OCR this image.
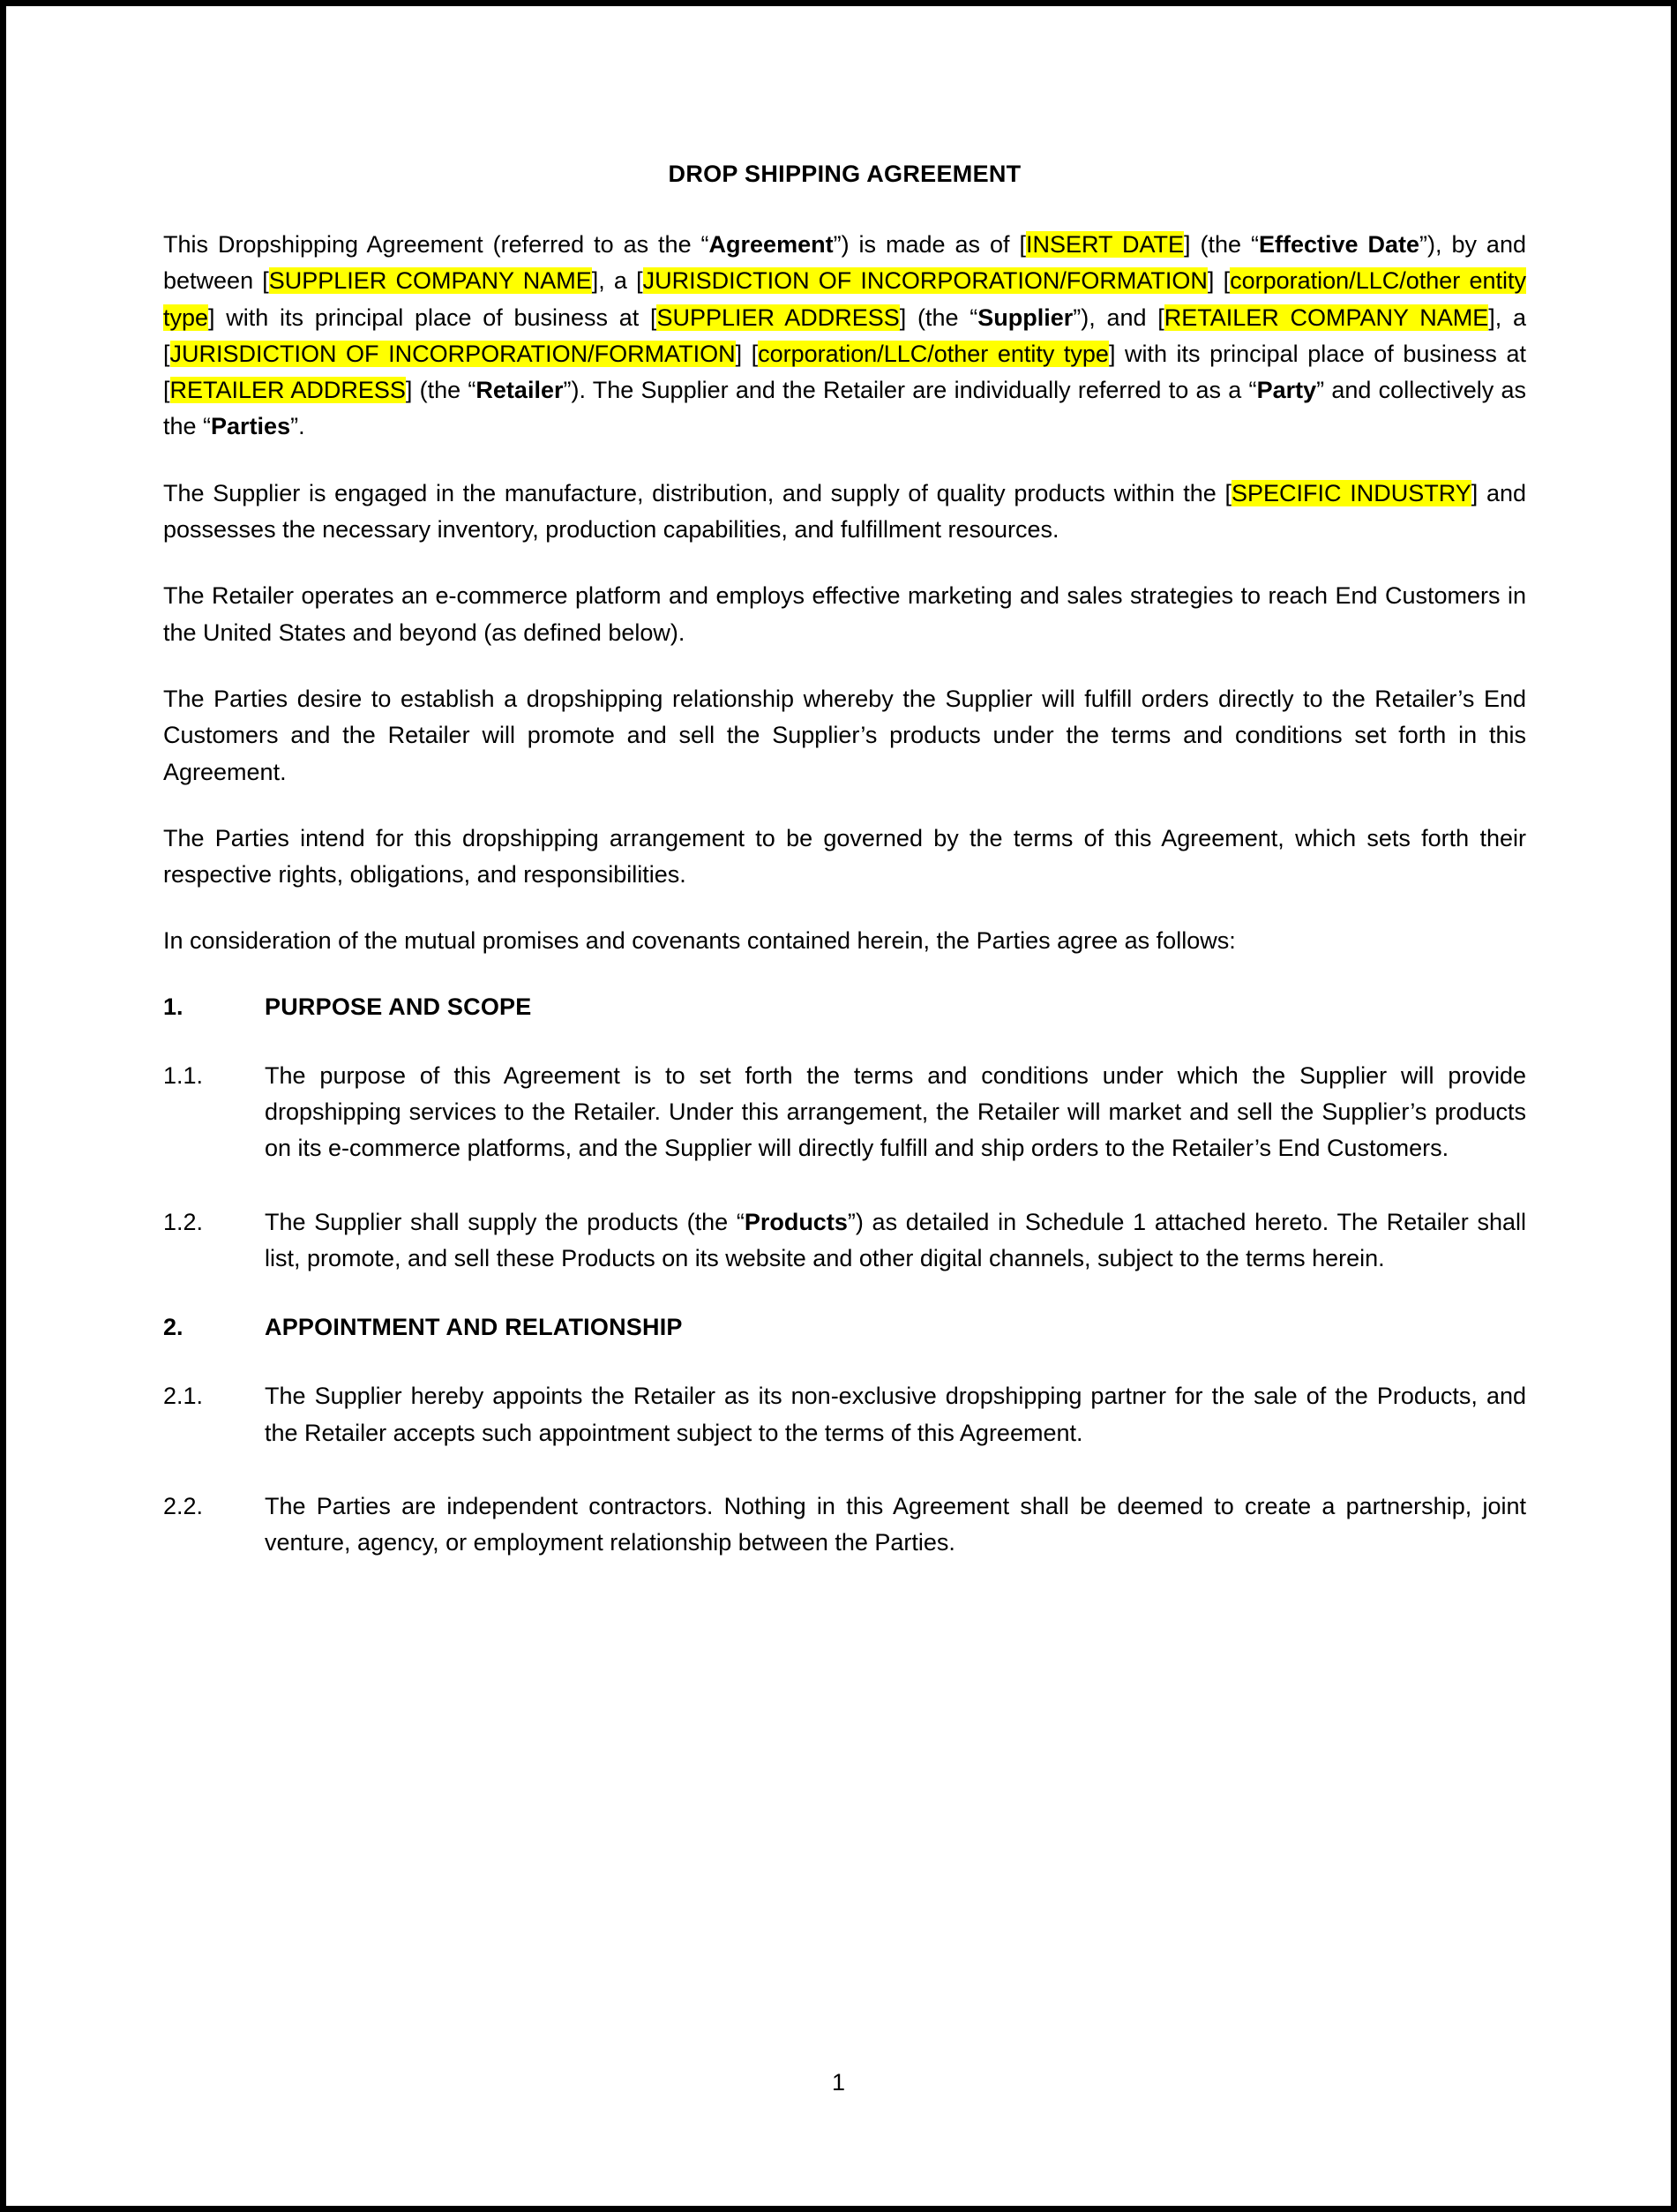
DROP SHIPPING AGREEMENT

This Dropshipping Agreement (referred to as the “Agreement”) is made as of [INSERT DATE] (the “Effective Date”), by and between [SUPPLIER COMPANY NAME], a [JURISDICTION OF INCORPORATION/FORMATION] [corporation/LLC/other entity type] with its principal place of business at [SUPPLIER ADDRESS] (the “Supplier”), and [RETAILER COMPANY NAME], a [JURISDICTION OF INCORPORATION/FORMATION] [corporation/LLC/other entity type] with its principal place of business at [RETAILER ADDRESS] (the “Retailer”). The Supplier and the Retailer are individually referred to as a “Party” and collectively as the “Parties”.

The Supplier is engaged in the manufacture, distribution, and supply of quality products within the [SPECIFIC INDUSTRY] and possesses the necessary inventory, production capabilities, and fulfillment resources.

The Retailer operates an e-commerce platform and employs effective marketing and sales strategies to reach End Customers in the United States and beyond (as defined below).

The Parties desire to establish a dropshipping relationship whereby the Supplier will fulfill orders directly to the Retailer’s End Customers and the Retailer will promote and sell the Supplier’s products under the terms and conditions set forth in this Agreement.

The Parties intend for this dropshipping arrangement to be governed by the terms of this Agreement, which sets forth their respective rights, obligations, and responsibilities.

In consideration of the mutual promises and covenants contained herein, the Parties agree as follows:

1.	PURPOSE AND SCOPE
1.1.	The purpose of this Agreement is to set forth the terms and conditions under which the Supplier will provide dropshipping services to the Retailer. Under this arrangement, the Retailer will market and sell the Supplier’s products on its e-commerce platforms, and the Supplier will directly fulfill and ship orders to the Retailer’s End Customers.
1.2.	The Supplier shall supply the products (the “Products”) as detailed in Schedule 1 attached hereto. The Retailer shall list, promote, and sell these Products on its website and other digital channels, subject to the terms herein.
2.	APPOINTMENT AND RELATIONSHIP
2.1.	The Supplier hereby appoints the Retailer as its non-exclusive dropshipping partner for the sale of the Products, and the Retailer accepts such appointment subject to the terms of this Agreement.
2.2.	The Parties are independent contractors. Nothing in this Agreement shall be deemed to create a partnership, joint venture, agency, or employment relationship between the Parties.
1
